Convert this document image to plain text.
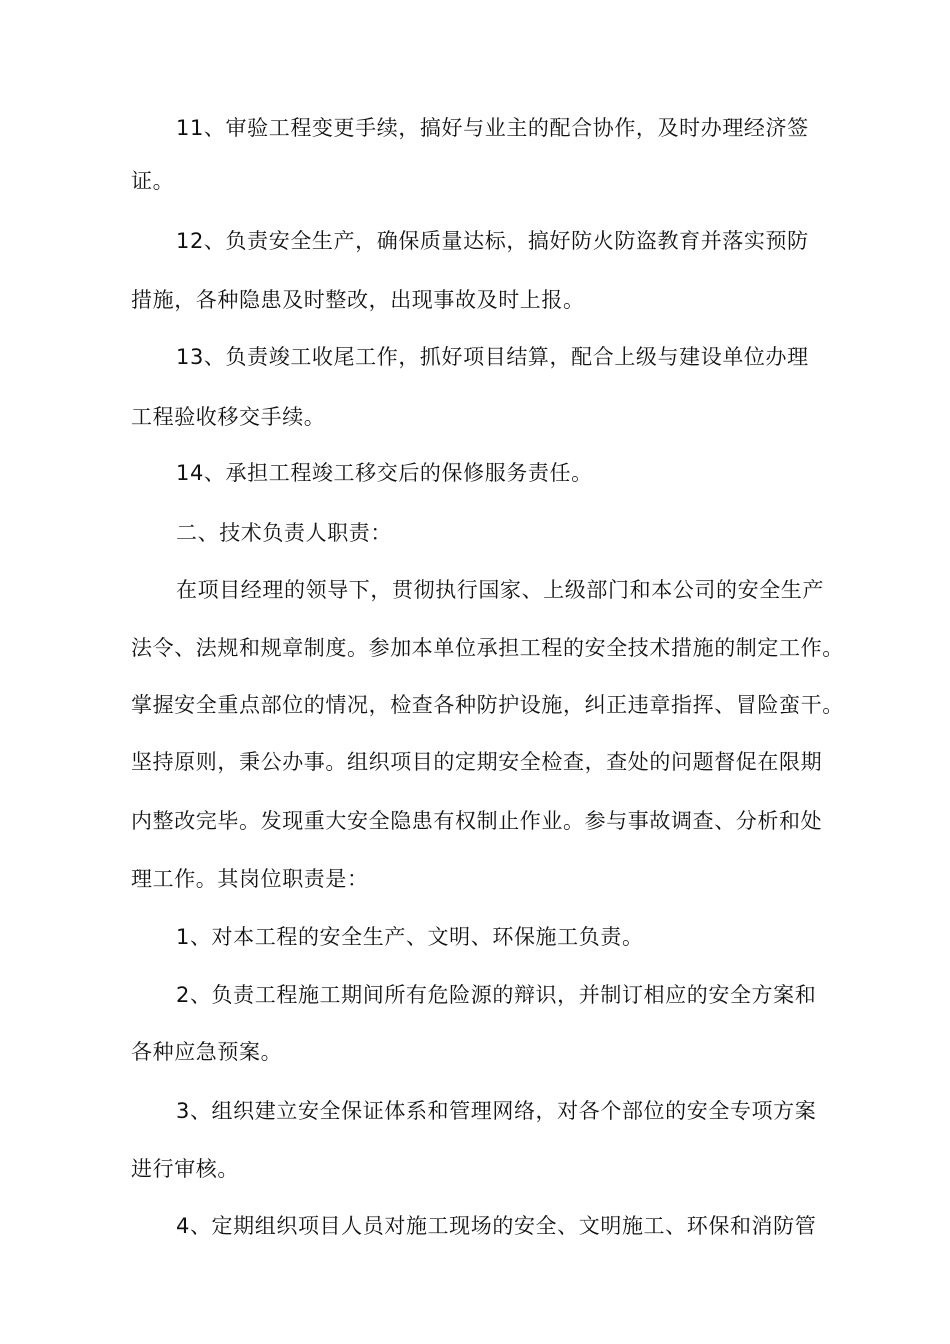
11、审验工程变更手续，搞好与业主的配合协作，及时办理经济签
证。
12、负责安全生产，确保质量达标，搞好防火防盗教育并落实预防
措施，各种隐患及时整改，出现事故及时上报。
13、负责竣工收尾工作，抓好项目结算，配合上级与建设单位办理
工程验收移交手续。
14、承担工程竣工移交后的保修服务责任。
二、技术负责人职责：
在项目经理的领导下，贯彻执行国家、上级部门和本公司的安全生产
法令、法规和规章制度。参加本单位承担工程的安全技术措施的制定工作。
掌握安全重点部位的情况，检查各种防护设施，纠正违章指挥、冒险蛮干。
坚持原则，秉公办事。组织项目的定期安全检查，查处的问题督促在限期
内整改完毕。发现重大安全隐患有权制止作业。参与事故调查、分析和处
理工作。其岗位职责是：
1、对本工程的安全生产、文明、环保施工负责。
2、负责工程施工期间所有危险源的辩识，并制订相应的安全方案和
各种应急预案。
3、组织建立安全保证体系和管理网络，对各个部位的安全专项方案
进行审核。
4、定期组织项目人员对施工现场的安全、文明施工、环保和消防管
